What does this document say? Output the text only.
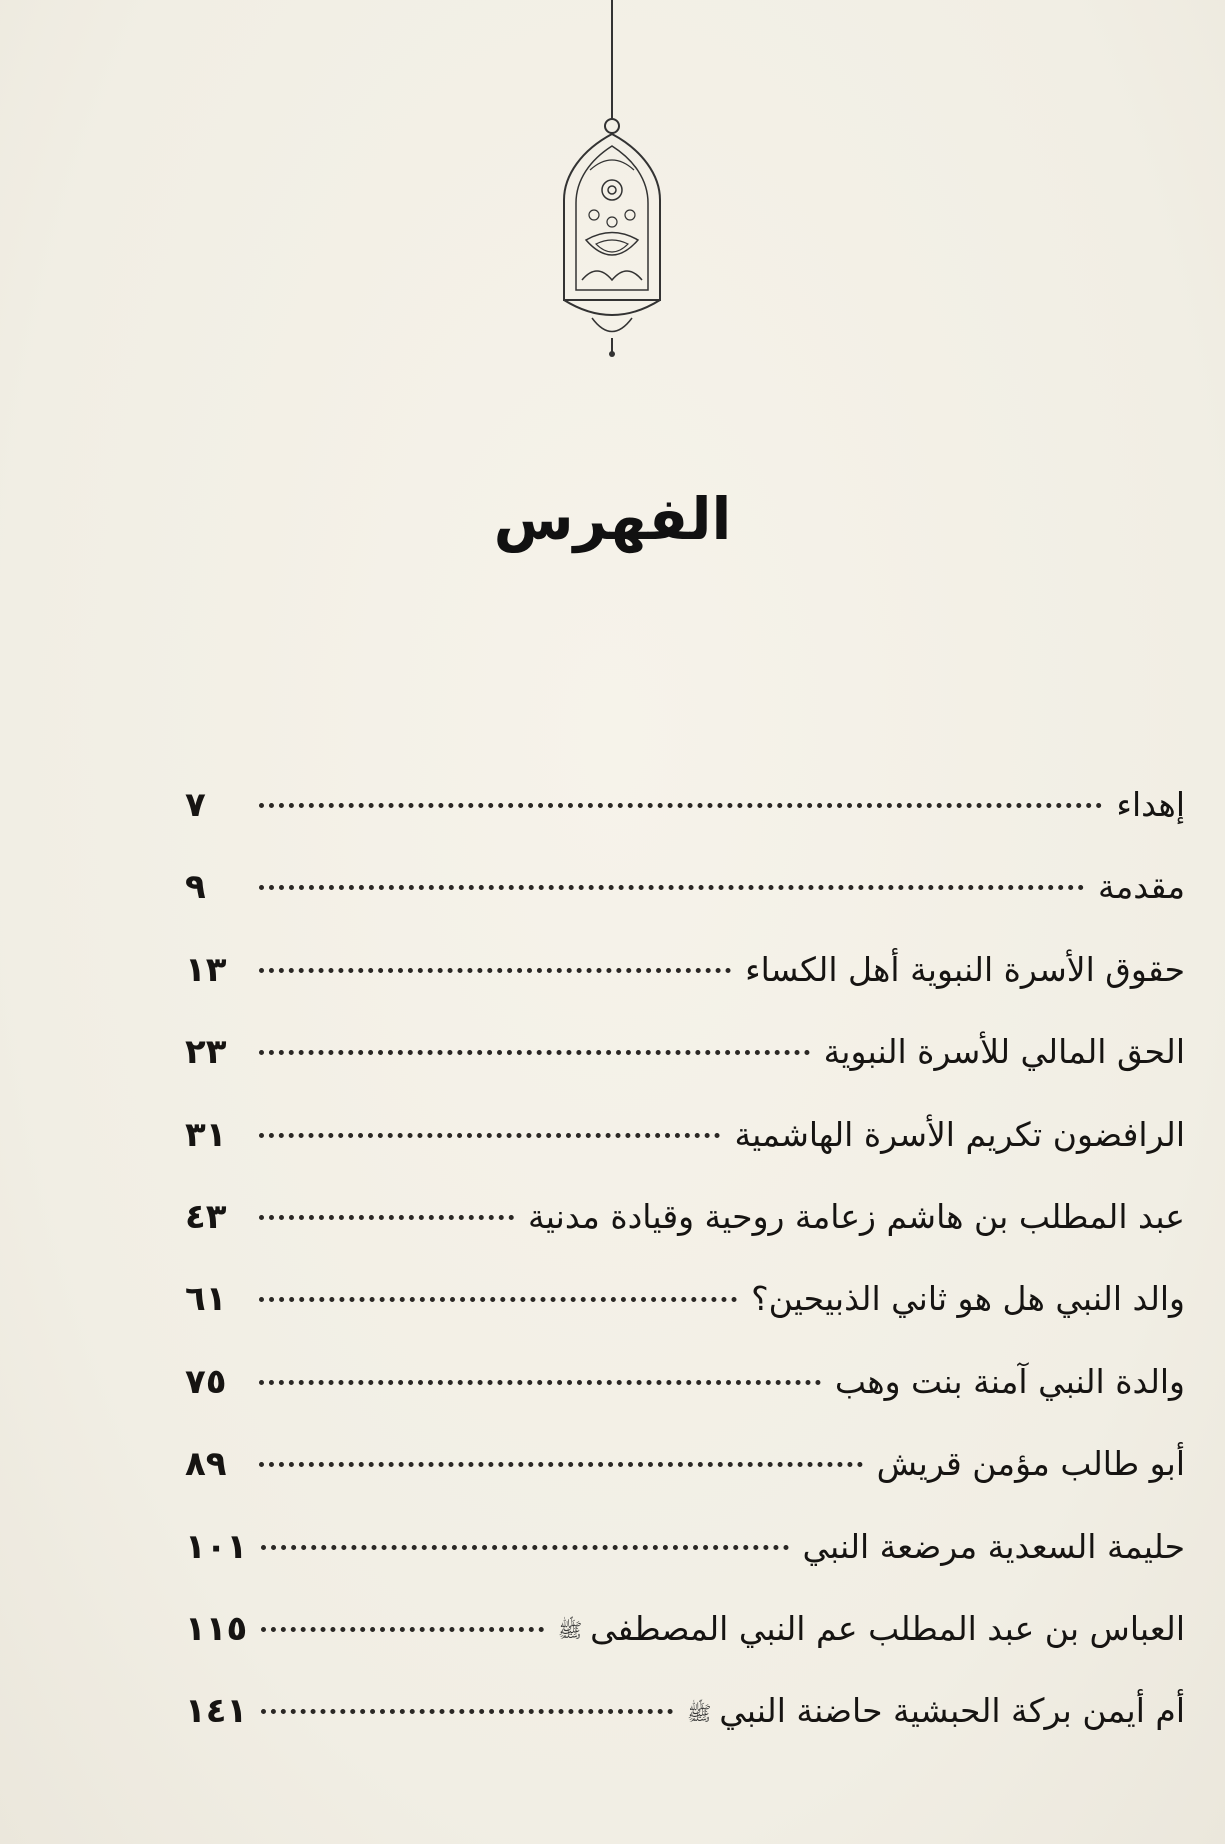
الفهرس
إهداء
٧
مقدمة
٩
حقوق الأسرة النبوية أهل الكساء
١٣
الحق المالي للأسرة النبوية
٢٣
الرافضون تكريم الأسرة الهاشمية
٣١
عبد المطلب بن هاشم زعامة روحية وقيادة مدنية
٤٣
والد النبي هل هو ثاني الذبيحين؟
٦١
والدة النبي آمنة بنت وهب
٧٥
أبو طالب مؤمن قريش
٨٩
حليمة السعدية مرضعة النبي
١٠١
العباس بن عبد المطلب عم النبي المصطفىﷺ
١١٥
أم أيمن بركة الحبشية حاضنة النبيﷺ
١٤١
